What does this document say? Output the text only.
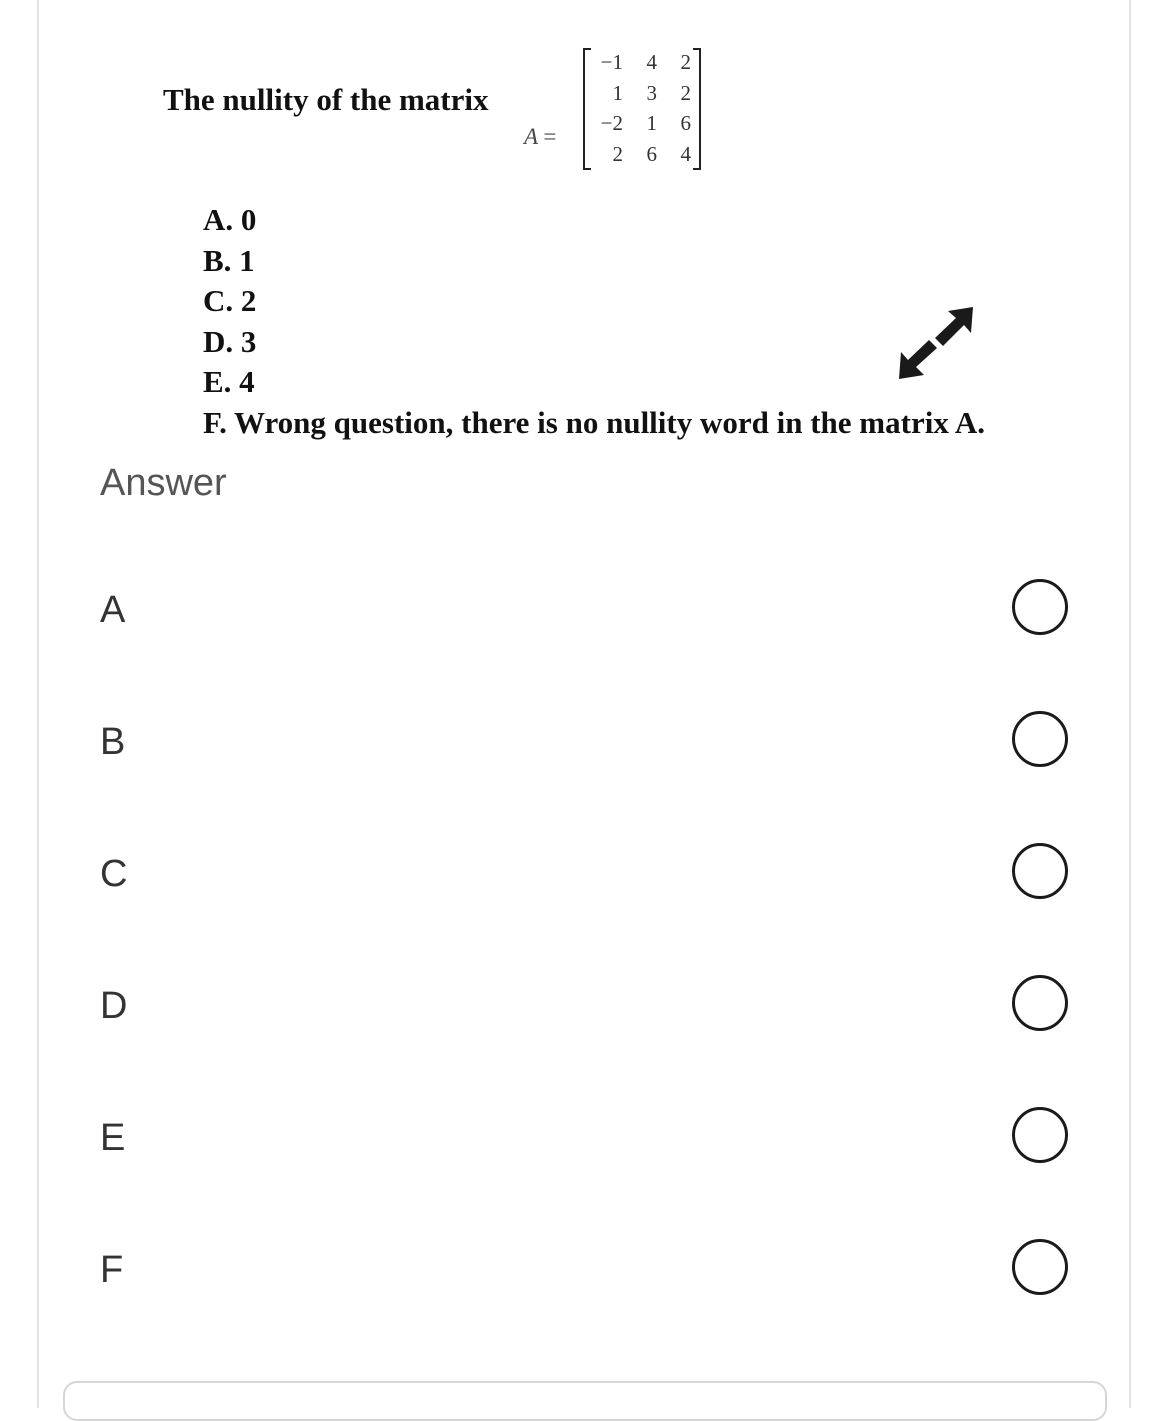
The nullity of the matrix
A =
−1	4	2
1	3	2
−2	1	6
2	6	4
A. 0
B. 1
C. 2
D. 3
E. 4
F. Wrong question, there is no nullity word in the matrix A.
Answer
A
B
C
D
E
F
